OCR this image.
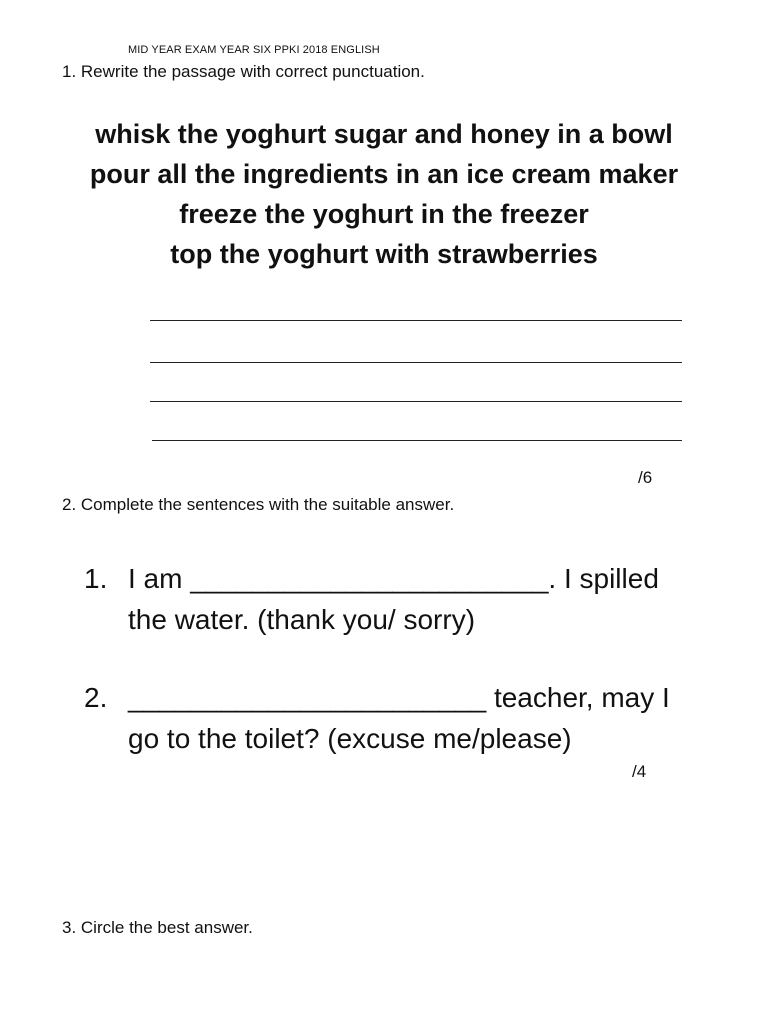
MID YEAR EXAM YEAR SIX PPKI 2018 ENGLISH
1. Rewrite the passage with correct punctuation.
whisk the yoghurt sugar and honey in a bowl
pour all the ingredients in an ice cream maker
freeze the yoghurt in the freezer
top the yoghurt with strawberries
/6
2. Complete the sentences with the suitable answer.
1. I am _______________________. I spilled
the water. (thank you/ sorry)
2. _______________________ teacher, may I
go to the toilet? (excuse me/please)
/4
3. Circle the best answer.
